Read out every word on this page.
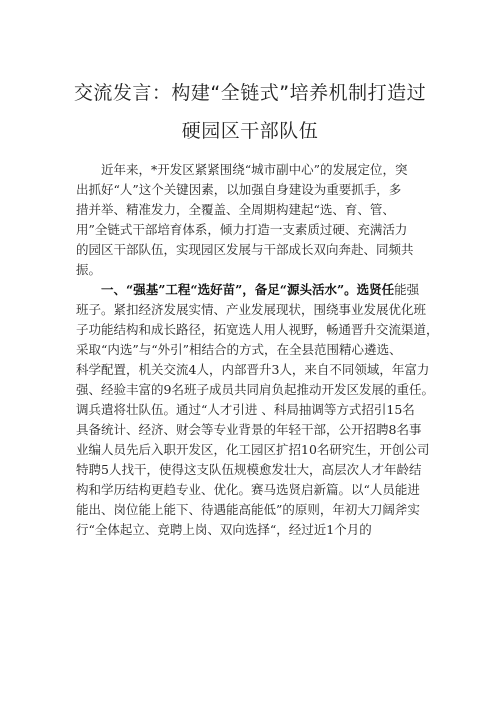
交流发言：构建“全链式”培养机制打造过
硬园区干部队伍
　　近年来，*开发区紧紧围绕“城市副中心”的发展定位，突
出抓好“人”这个关键因素，以加强自身建设为重要抓手，多
措并举、精准发力，全覆盖、全周期构建起“选、育、管、
用”全链式干部培育体系，倾力打造一支素质过硬、充满活力
的园区干部队伍，实现园区发展与干部成长双向奔赴、同频共
振。
　　一、“强基”工程“选好苗”，备足“源头活水”。选贤任能强
班子。紧扣经济发展实情、产业发展现状，围绕事业发展优化班
子功能结构和成长路径，拓宽选人用人视野，畅通晋升交流渠道，
采取“内选”与“外引”相结合的方式，在全县范围精心遴选、
科学配置，机关交流4人，内部晋升3人，来自不同领域，年富力
强、经验丰富的9名班子成员共同肩负起推动开发区发展的重任。
调兵遣将壮队伍。通过“人才引进 、科局抽调等方式招引15名
具备统计、经济、财会等专业背景的年轻干部，公开招聘8名事
业编人员先后入职开发区，化工园区扩招10名研究生，开创公司
特聘5人找干，使得这支队伍规模愈发壮大，高层次人才年龄结
构和学历结构更趋专业、优化。赛马选贤启新篇。以“人员能进
能出、岗位能上能下、待遇能高能低”的原则，年初大刀阔斧实
行“全体起立、竞聘上岗、双向选择“，经过近1个月的
